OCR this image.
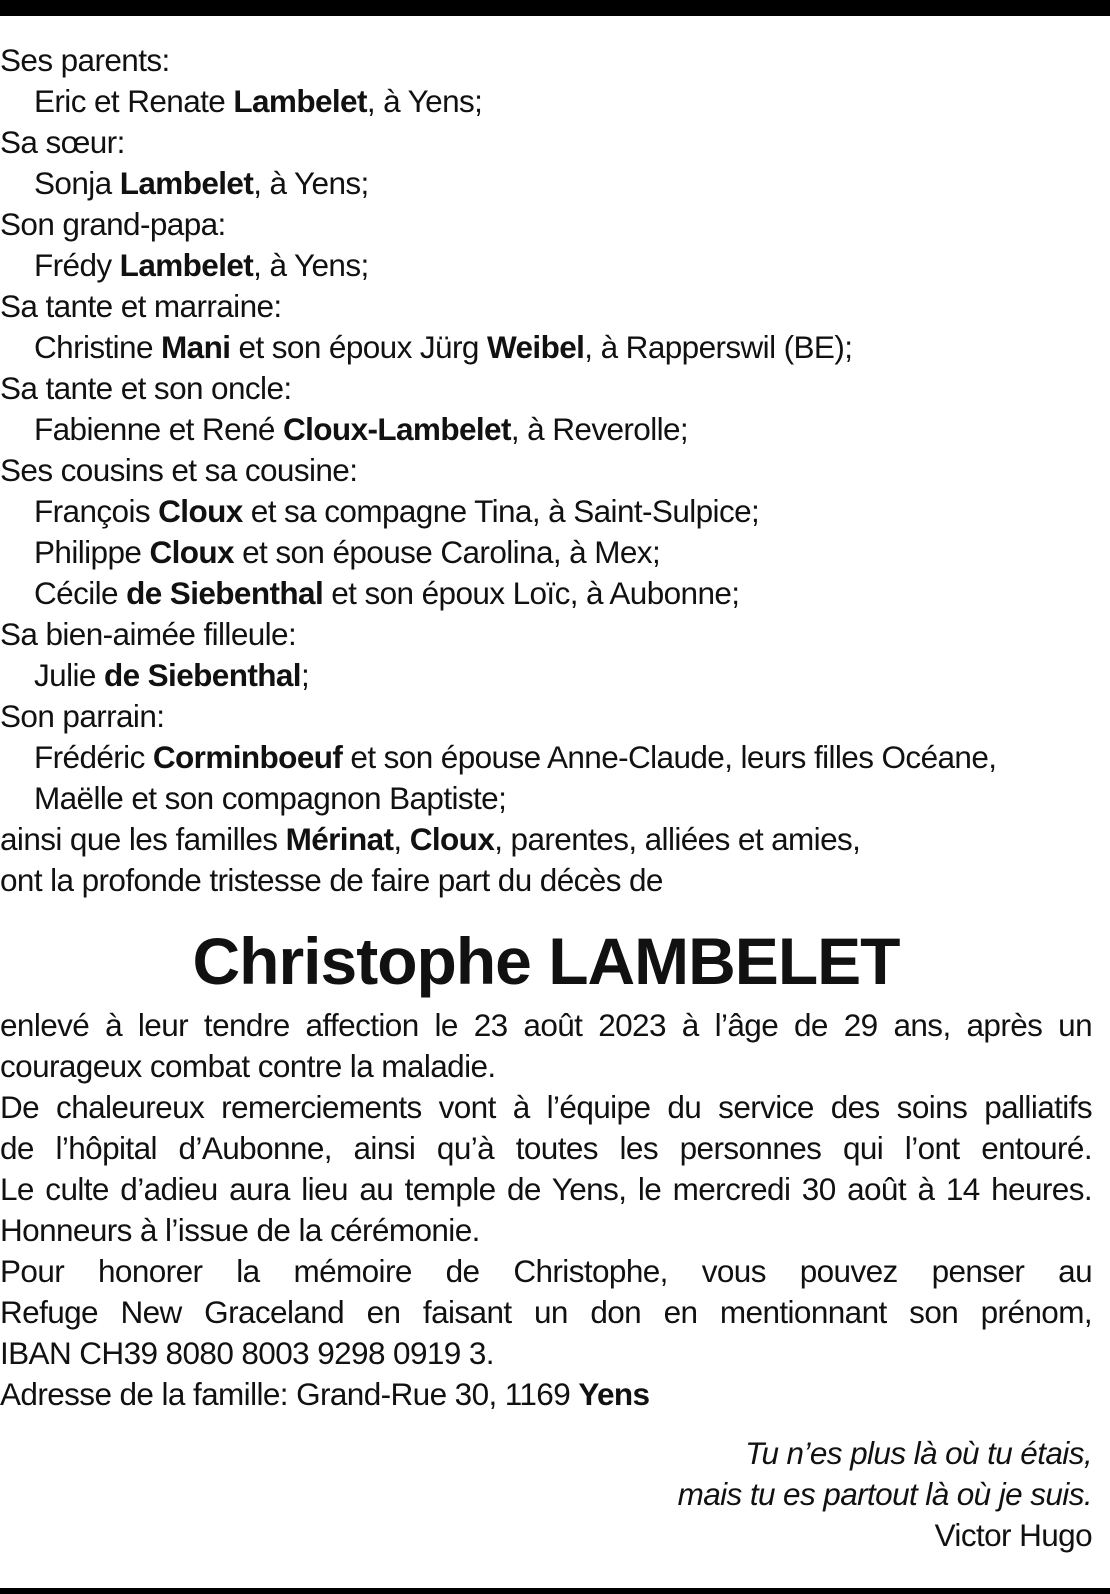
Ses parents:
Eric et Renate Lambelet, à Yens;
Sa sœur:
Sonja Lambelet, à Yens;
Son grand-papa:
Frédy Lambelet, à Yens;
Sa tante et marraine:
Christine Mani et son époux Jürg Weibel, à Rapperswil (BE);
Sa tante et son oncle:
Fabienne et René Cloux-Lambelet, à Reverolle;
Ses cousins et sa cousine:
François Cloux et sa compagne Tina, à Saint-Sulpice;
Philippe Cloux et son épouse Carolina, à Mex;
Cécile de Siebenthal et son époux Loïc, à Aubonne;
Sa bien-aimée filleule:
Julie de Siebenthal;
Son parrain:
Frédéric Corminboeuf et son épouse Anne-Claude, leurs filles Océane,
Maëlle et son compagnon Baptiste;
ainsi que les familles Mérinat, Cloux, parentes, alliées et amies,
ont la profonde tristesse de faire part du décès de
Christophe LAMBELET
enlevé à leur tendre affection le 23 août 2023 à l’âge de 29 ans, après un
courageux combat contre la maladie.
De chaleureux remerciements vont à l’équipe du service des soins palliatifs
de l’hôpital d’Aubonne, ainsi qu’à toutes les personnes qui l’ont entouré.
Le culte d’adieu aura lieu au temple de Yens, le mercredi 30 août à 14 heures.
Honneurs à l’issue de la cérémonie.
Pour honorer la mémoire de Christophe, vous pouvez penser au
Refuge New Graceland en faisant un don en mentionnant son prénom,
IBAN CH39 8080 8003 9298 0919 3.
Adresse de la famille: Grand-Rue 30, 1169 Yens
Tu n’es plus là où tu étais,
mais tu es partout là où je suis.
Victor Hugo
